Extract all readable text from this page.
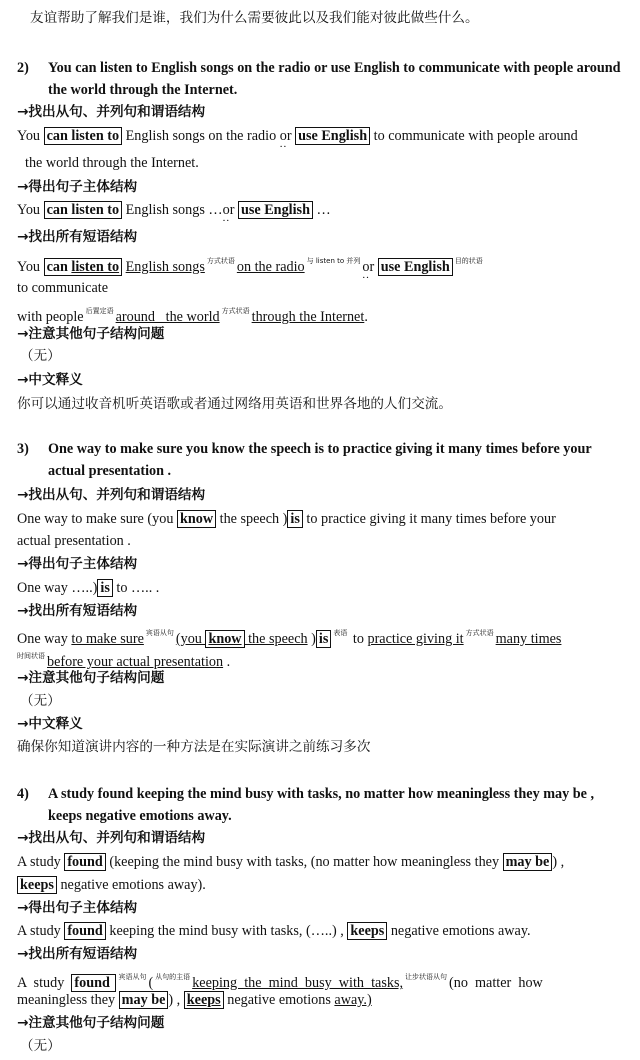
友谊帮助了解我们是谁，我们为什么需要彼此以及我们能对彼此做些什么。
2)	You can listen to English songs on the radio or use English to communicate with people around the world through the Internet.
→找出从句、并列句和谓语结构
You can listen to English songs on the radio or .. use English to communicate with people around
the world through the Internet.
→得出句子主体结构
You can listen to English songs …or .. use English …
→找出所有短语结构
You can listen to English songs $^{方式状语}$ on the radio $^{与 listen to 并列}$ or .. use English $^{目的状语}$
to communicate
with people $^{后置定语}$ around   the world $^{方式状语}$ through the Internet.
→注意其他句子结构问题
（无）
→中文释义
你可以通过收音机听英语歌或者通过网络用英语和世界各地的人们交流。
3)	One way to make sure you know the speech is to practice giving it many times before your actual presentation .
→找出从句、并列句和谓语结构
One way to make sure (you know the speech ) is to practice giving it many times before your
actual presentation .
→得出句子主体结构
One way …..) is to ….. .
→找出所有短语结构
One way to make sure $^{宾语从句}$ (you know the speech ) is $^{表语}$ to practice giving it $^{方式状语}$ many times
$^{时间状语}$ before your actual presentation .
→注意其他句子结构问题
（无）
→中文释义
确保你知道演讲内容的一种方法是在实际演讲之前练习多次
4)	A study found keeping the mind busy with tasks, no matter how meaningless they may be , keeps negative emotions away.
→找出从句、并列句和谓语结构
A study found (keeping the mind busy with tasks, (no matter how meaningless they may be ) ,
keeps negative emotions away).
→得出句子主体结构
A study found keeping the mind busy with tasks, (…..) , keeps negative emotions away.
→找出所有短语结构
A  study  found $^{宾语从句}$ ( $^{从句的主语}$ keeping  the  mind  busy  with  tasks, $^{让步状语从句}$ (no  matter  how
meaningless they may be ) , keeps negative emotions away.)
→注意其他句子结构问题
（无）
